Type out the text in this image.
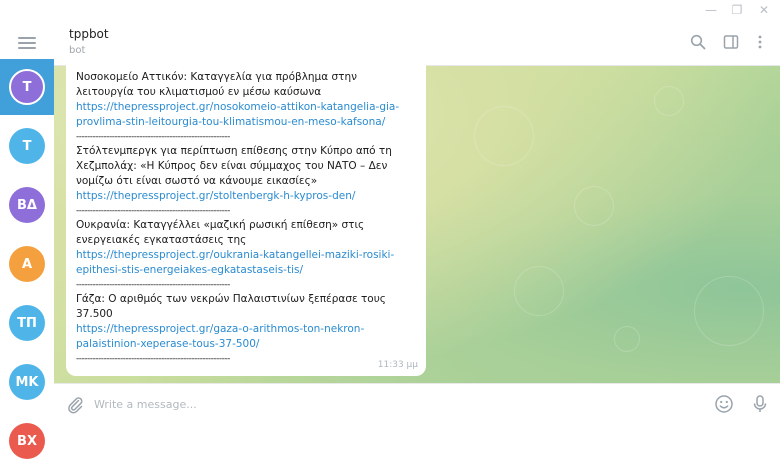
— ❐ ✕
T
T
ΒΔ
A
ΤΠ
MK
BX
tppbot
bot
Νοσοκομείο Αττικόν: Καταγγελία για πρόβλημα στην
λειτουργία του κλιματισμού εν μέσω καύσωνα
https://thepressproject.gr/nosokomeio-attikon-katangelia-gia-
provlima-stin-leitourgia-tou-klimatismou-en-meso-kafsona/
--------------------------------------------------------
Στόλτενμπεργκ για περίπτωση επίθεσης στην Κύπρο από τη
Χεζμπολάχ: «Η Κύπρος δεν είναι σύμμαχος του ΝΑΤΟ – Δεν
νομίζω ότι είναι σωστό να κάνουμε εικασίες»
https://thepressproject.gr/stoltenbergk-h-kypros-den/
--------------------------------------------------------
Ουκρανία: Καταγγέλλει «μαζική ρωσική επίθεση» στις
ενεργειακές εγκαταστάσεις της
https://thepressproject.gr/oukrania-katangellei-maziki-rosiki-
epithesi-stis-energeiakes-egkatastaseis-tis/
--------------------------------------------------------
Γάζα: Ο αριθμός των νεκρών Παλαιστινίων ξεπέρασε τους
37.500
https://thepressproject.gr/gaza-o-arithmos-ton-nekron-
palaistinion-xeperase-tous-37-500/
--------------------------------------------------------
11:33 μμ
Write a message...
